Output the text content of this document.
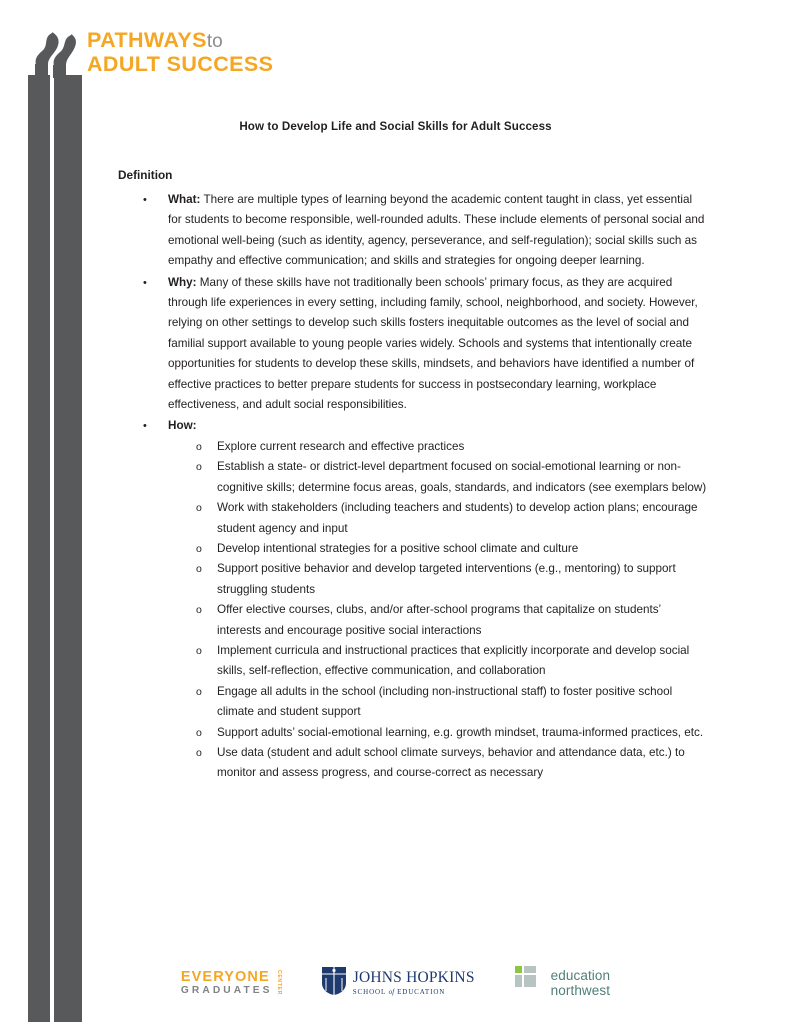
PATHWAYSto
ADULT SUCCESS
How to Develop Life and Social Skills for Adult Success
Definition
• What: There are multiple types of learning beyond the academic content taught in class, yet essential for students to become responsible, well-rounded adults. These include elements of personal social and emotional well-being (such as identity, agency, perseverance, and self-regulation); social skills such as empathy and effective communication; and skills and strategies for ongoing deeper learning.
• Why: Many of these skills have not traditionally been schools’ primary focus, as they are acquired through life experiences in every setting, including family, school, neighborhood, and society. However, relying on other settings to develop such skills fosters inequitable outcomes as the level of social and familial support available to young people varies widely. Schools and systems that intentionally create opportunities for students to develop these skills, mindsets, and behaviors have identified a number of effective practices to better prepare students for success in postsecondary learning, workplace effectiveness, and adult social responsibilities.
• How:
o Explore current research and effective practices
o Establish a state- or district-level department focused on social-emotional learning or non-cognitive skills; determine focus areas, goals, standards, and indicators (see exemplars below)
o Work with stakeholders (including teachers and students) to develop action plans; encourage student agency and input
o Develop intentional strategies for a positive school climate and culture
o Support positive behavior and develop targeted interventions (e.g., mentoring) to support struggling students
o Offer elective courses, clubs, and/or after-school programs that capitalize on students’ interests and encourage positive social interactions
o Implement curricula and instructional practices that explicitly incorporate and develop social skills, self-reflection, effective communication, and collaboration
o Engage all adults in the school (including non-instructional staff) to foster positive school climate and student support
o Support adults’ social-emotional learning, e.g. growth mindset, trauma-informed practices, etc.
o Use data (student and adult school climate surveys, behavior and attendance data, etc.) to monitor and assess progress, and course-correct as necessary
EVERYONE
GRADUATES CENTER	JOHNS HOPKINS
SCHOOL of EDUCATION
education
northwest
